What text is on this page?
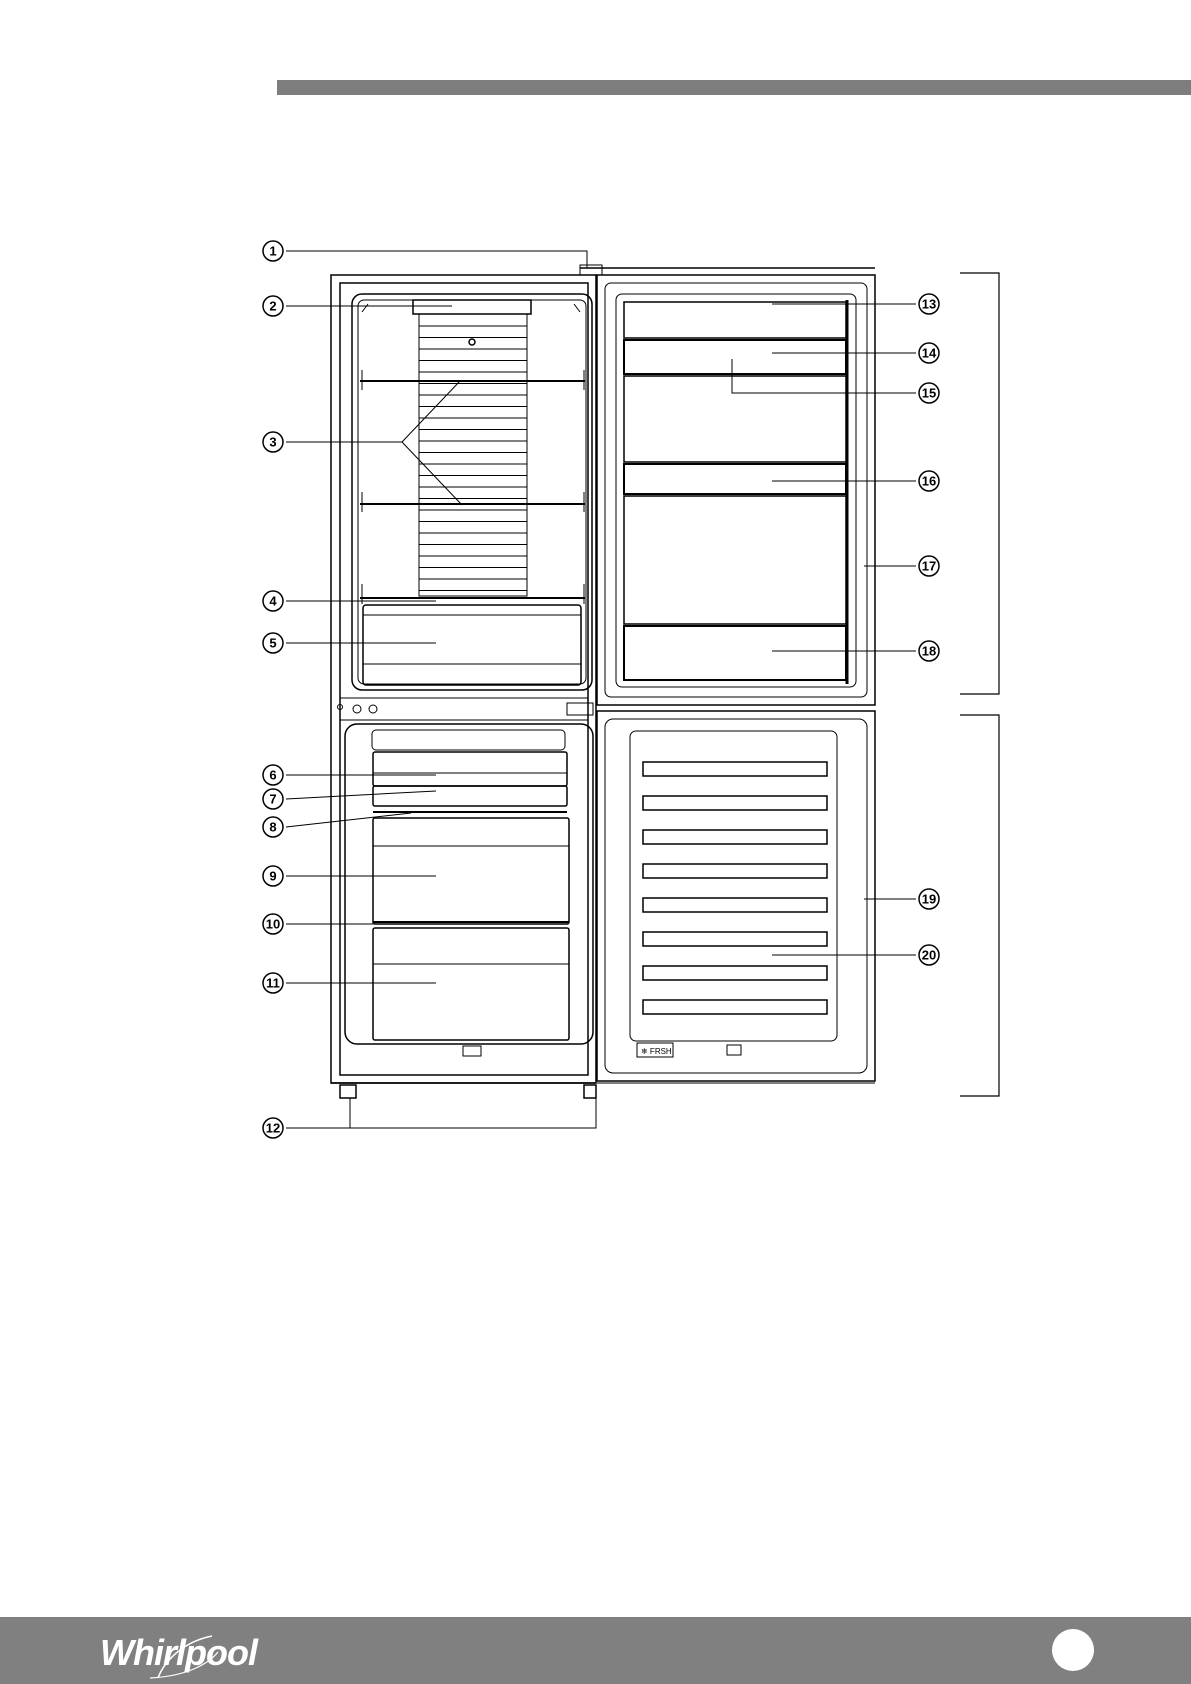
❄ FRSH
1
2
3
4
5
6
7
8
9
10
11
12
13
14
15
16
17
18
19
20
Whirlpool
